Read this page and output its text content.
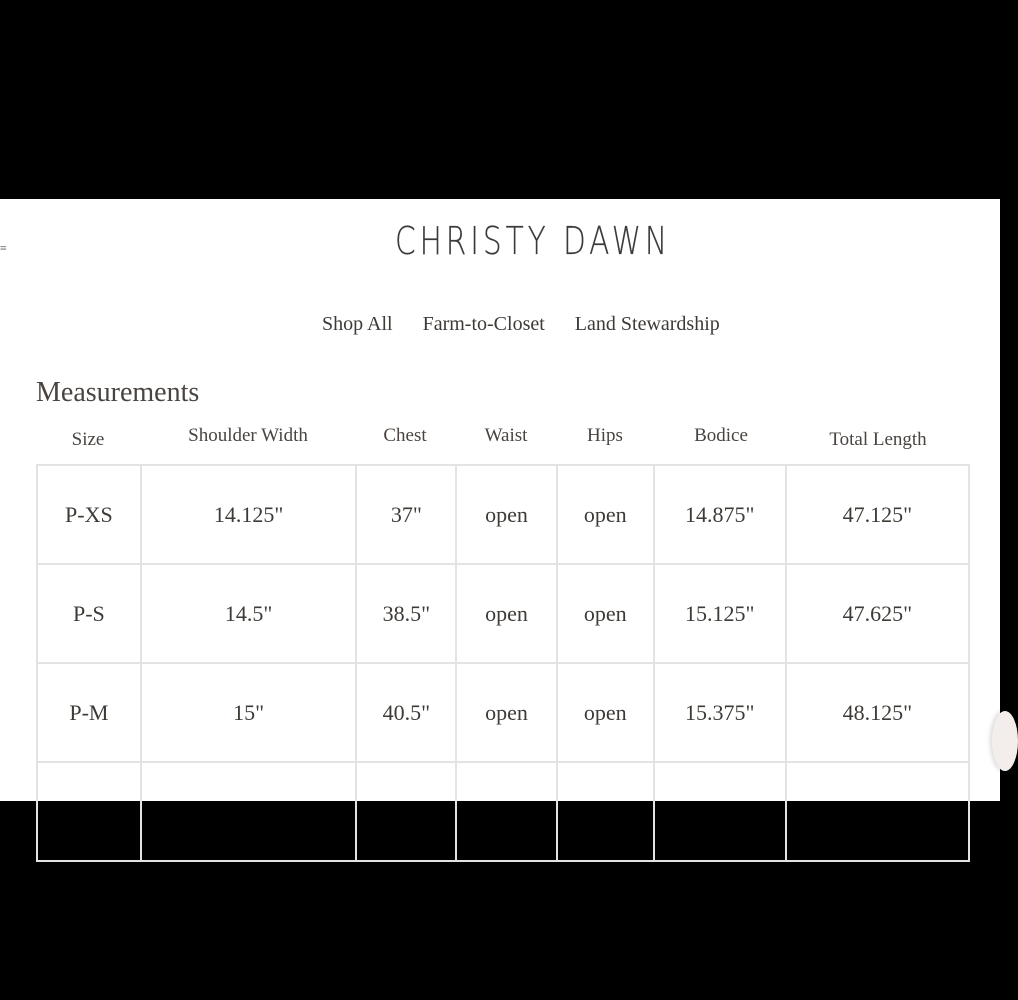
≡	CHRISTY DAWN
Shop All Farm-to-Closet Land Stewardship
Measurements
Size	Shoulder Width	Chest	Waist	Hips	Bodice	Total Length
P-XS	14.125"	37"	open	open	14.875"	47.125"
P-S	14.5"	38.5"	open	open	15.125"	47.625"
P-M	15"	40.5"	open	open	15.375"	48.125"
